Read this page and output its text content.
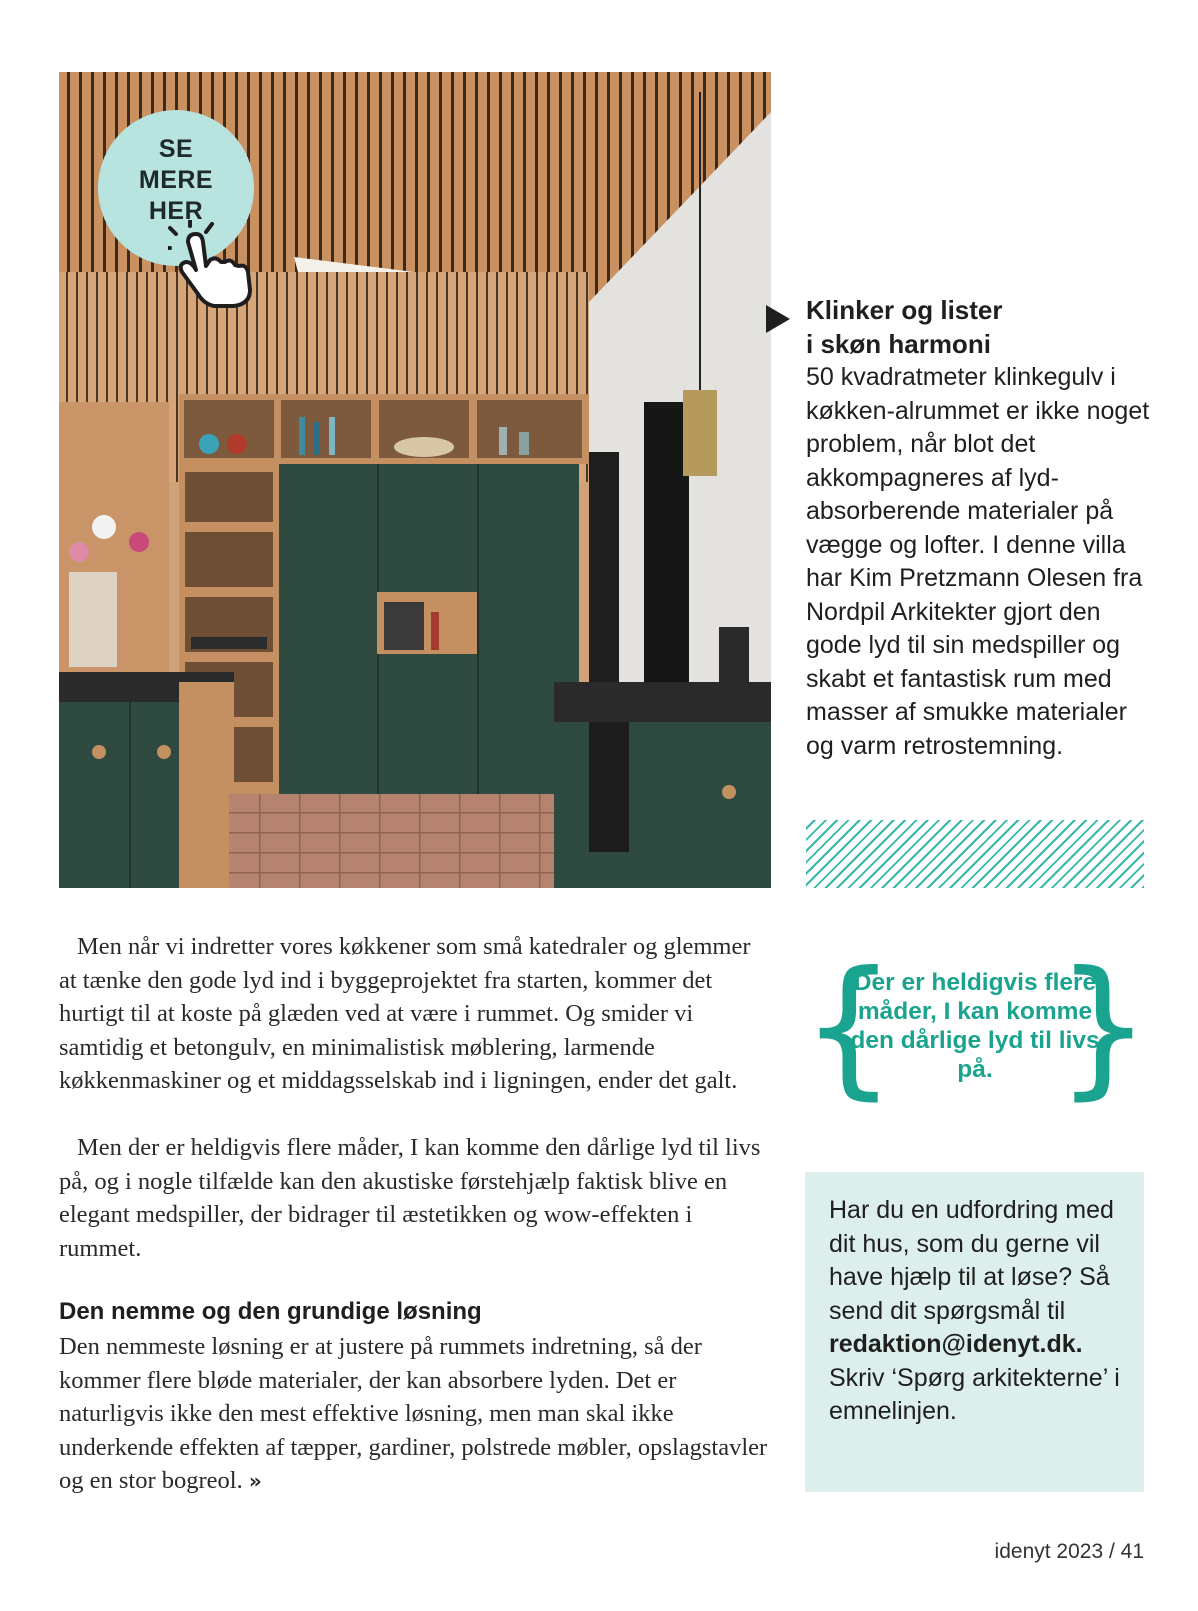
SE
MERE
HER
Klinker og lister
i skøn harmoni

50 kvadratmeter klinkegulv i køkken-alrummet er ikke noget problem, når blot det akkompagneres af lyd-absorberende materialer på vægge og lofter. I denne villa har Kim Pretzmann Olesen fra Nordpil Arkitekter gjort den gode lyd til sin medspiller og skabt et fantastisk rum med masser af smukke materialer og varm retrostemning.

Men når vi indretter vores køkkener som små katedraler og glemmer at tænke den gode lyd ind i byggeprojektet fra starten, kommer det hurtigt til at koste på glæden ved at være i rummet. Og smider vi samtidig et betongulv, en minimalistisk møblering, larmende køkkenmaskiner og et middagsselskab ind i ligningen, ender det galt.

Men der er heldigvis flere måder, I kan komme den dårlige lyd til livs på, og i nogle tilfælde kan den akustiske førstehjælp faktisk blive en elegant medspiller, der bidrager til æstetikken og wow-effekten i rummet.

Den nemme og den grundige løsning

Den nemmeste løsning er at justere på rummets indretning, så der kommer flere bløde materialer, der kan absorbere lyden. Det er naturligvis ikke den mest effektive løsning, men man skal ikke underkende effekten af tæpper, gardiner, polstrede møbler, opslagstavler og en stor bogreol. »

{

Der er heldigvis flere måder, I kan komme den dårlige lyd til livs på. }

Har du en udfordring med dit hus, som du gerne vil have hjælp til at løse? Så send dit spørgsmål til
redaktion@idenyt.dk.
Skriv ‘Spørg arkitekterne’ i emnelinjen.

idenyt 2023 / 41
